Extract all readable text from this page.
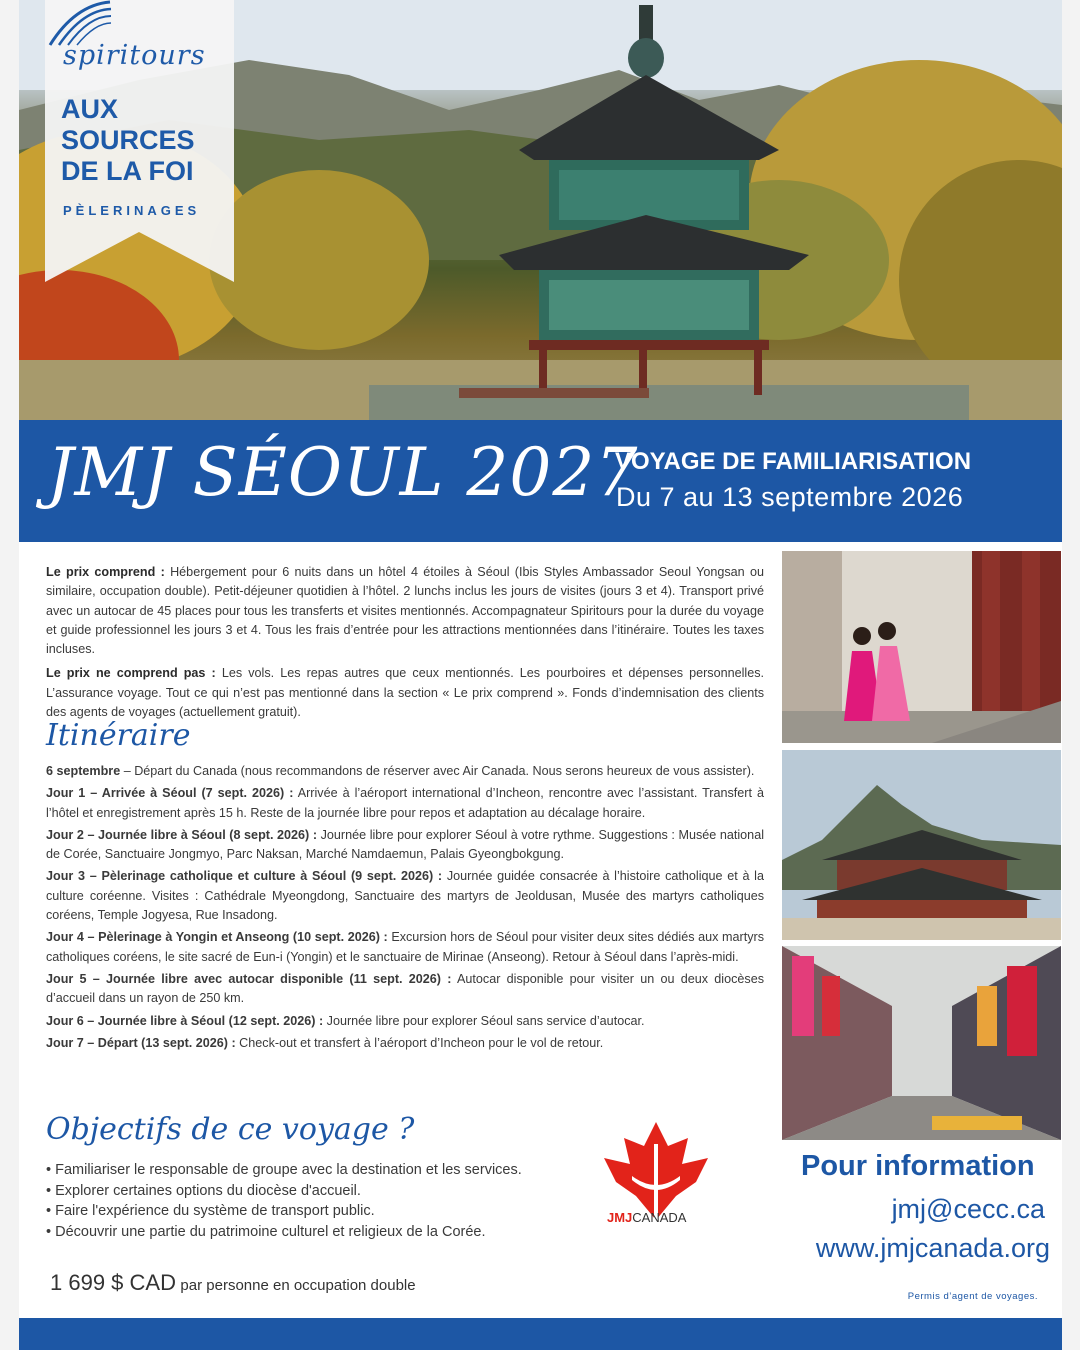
spiritours
AUX
SOURCES
DE LA FOI
PÈLERINAGES
JMJ SÉOUL 2027
VOYAGE DE FAMILIARISATION
Du 7 au 13 septembre 2026

Le prix comprend : Hébergement pour 6 nuits dans un hôtel 4 étoiles à Séoul (Ibis Styles Ambassador Seoul Yongsan ou similaire, occupation double). Petit-déjeuner quotidien à l’hôtel. 2 lunchs inclus les jours de visites (jours 3 et 4). Transport privé avec un autocar de 45 places pour tous les transferts et visites mentionnés. Accompagnateur Spiritours pour la durée du voyage et guide professionnel les jours 3 et 4. Tous les frais d’entrée pour les attractions mentionnées dans l’itinéraire. Toutes les taxes incluses.

Le prix ne comprend pas : Les vols. Les repas autres que ceux mentionnés. Les pourboires et dépenses personnelles. L’assurance voyage. Tout ce qui n’est pas mentionné dans la section « Le prix comprend ». Fonds d’indemnisation des clients des agents de voyages (actuellement gratuit).

Itinéraire

6 septembre – Départ du Canada (nous recommandons de réserver avec Air Canada. Nous serons heureux de vous assister).

Jour 1 – Arrivée à Séoul (7 sept. 2026) : Arrivée à l’aéroport international d’Incheon, rencontre avec l’assistant. Transfert à l’hôtel et enregistrement après 15 h. Reste de la journée libre pour repos et adaptation au décalage horaire.

Jour 2 – Journée libre à Séoul (8 sept. 2026) : Journée libre pour explorer Séoul à votre rythme. Suggestions : Musée national de Corée, Sanctuaire Jongmyo, Parc Naksan, Marché Namdaemun, Palais Gyeongbokgung.

Jour 3 – Pèlerinage catholique et culture à Séoul (9 sept. 2026) : Journée guidée consacrée à l’histoire catholique et à la culture coréenne. Visites : Cathédrale Myeongdong, Sanctuaire des martyrs de Jeoldusan, Musée des martyrs catholiques coréens, Temple Jogyesa, Rue Insadong.

Jour 4 – Pèlerinage à Yongin et Anseong (10 sept. 2026) : Excursion hors de Séoul pour visiter deux sites dédiés aux martyrs catholiques coréens, le site sacré de Eun-i (Yongin) et le sanctuaire de Mirinae (Anseong). Retour à Séoul dans l’après-midi.

Jour 5 – Journée libre avec autocar disponible (11 sept. 2026) : Autocar disponible pour visiter un ou deux diocèses d’accueil dans un rayon de 250 km.

Jour 6 – Journée libre à Séoul (12 sept. 2026) : Journée libre pour explorer Séoul sans service d’autocar.

Jour 7 – Départ (13 sept. 2026) : Check-out et transfert à l’aéroport d’Incheon pour le vol de retour.

Objectifs de ce voyage ?
• Familiariser le responsable de groupe avec la destination et les services.
• Explorer certaines options du diocèse d'accueil.
• Faire l'expérience du système de transport public.
• Découvrir une partie du patrimoine culturel et religieux de la Corée.
1 699 $ CAD par personne en occupation double
JMJCANADA
Pour information
jmj@cecc.ca
www.jmjcanada.org
Permis d’agent de voyages.
